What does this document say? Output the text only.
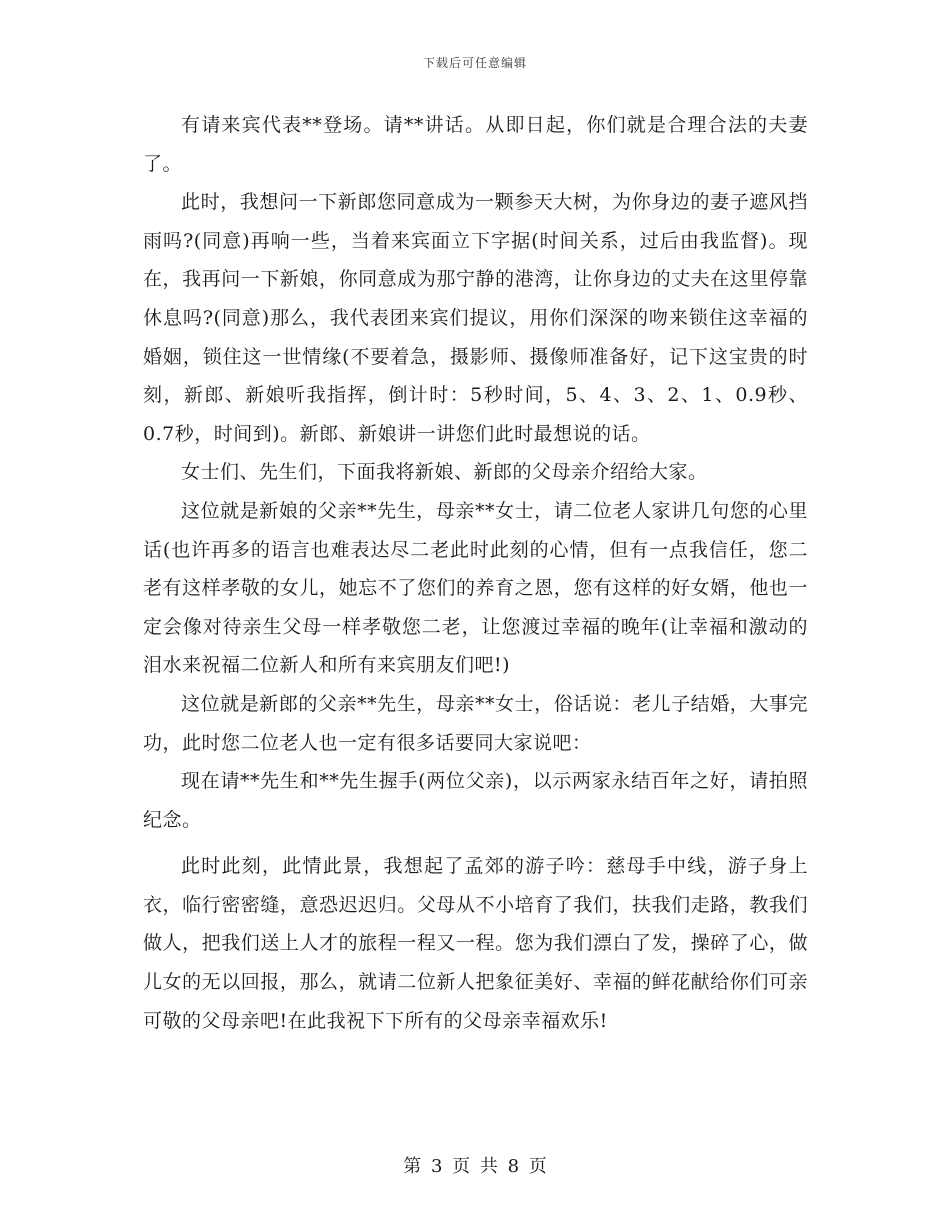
下载后可任意编辑

有请来宾代表**登场。请**讲话。从即日起，你们就是合理合法的夫妻了。

此时，我想问一下新郎您同意成为一颗参天大树，为你身边的妻子遮风挡雨吗?(同意)再响一些，当着来宾面立下字据(时间关系，过后由我监督)。现在，我再问一下新娘，你同意成为那宁静的港湾，让你身边的丈夫在这里停靠休息吗?(同意)那么，我代表团来宾们提议，用你们深深的吻来锁住这幸福的婚姻，锁住这一世情缘(不要着急，摄影师、摄像师准备好，记下这宝贵的时刻，新郎、新娘听我指挥，倒计时：5秒时间，5、4、3、2、1、0.9秒、0.7秒，时间到)。新郎、新娘讲一讲您们此时最想说的话。

女士们、先生们，下面我将新娘、新郎的父母亲介绍给大家。

这位就是新娘的父亲**先生，母亲**女士，请二位老人家讲几句您的心里话(也许再多的语言也难表达尽二老此时此刻的心情，但有一点我信任，您二老有这样孝敬的女儿，她忘不了您们的养育之恩，您有这样的好女婿，他也一定会像对待亲生父母一样孝敬您二老，让您渡过幸福的晚年(让幸福和激动的泪水来祝福二位新人和所有来宾朋友们吧!)

这位就是新郎的父亲**先生，母亲**女士，俗话说：老儿子结婚，大事完功，此时您二位老人也一定有很多话要同大家说吧：

现在请**先生和**先生握手(两位父亲)，以示两家永结百年之好，请拍照纪念。

此时此刻，此情此景，我想起了孟郊的游子吟：慈母手中线，游子身上衣，临行密密缝，意恐迟迟归。父母从不小培育了我们，扶我们走路，教我们做人，把我们送上人才的旅程一程又一程。您为我们漂白了发，操碎了心，做儿女的无以回报，那么，就请二位新人把象征美好、幸福的鲜花献给你们可亲可敬的父母亲吧!在此我祝下下所有的父母亲幸福欢乐!

第 3 页 共 8 页
